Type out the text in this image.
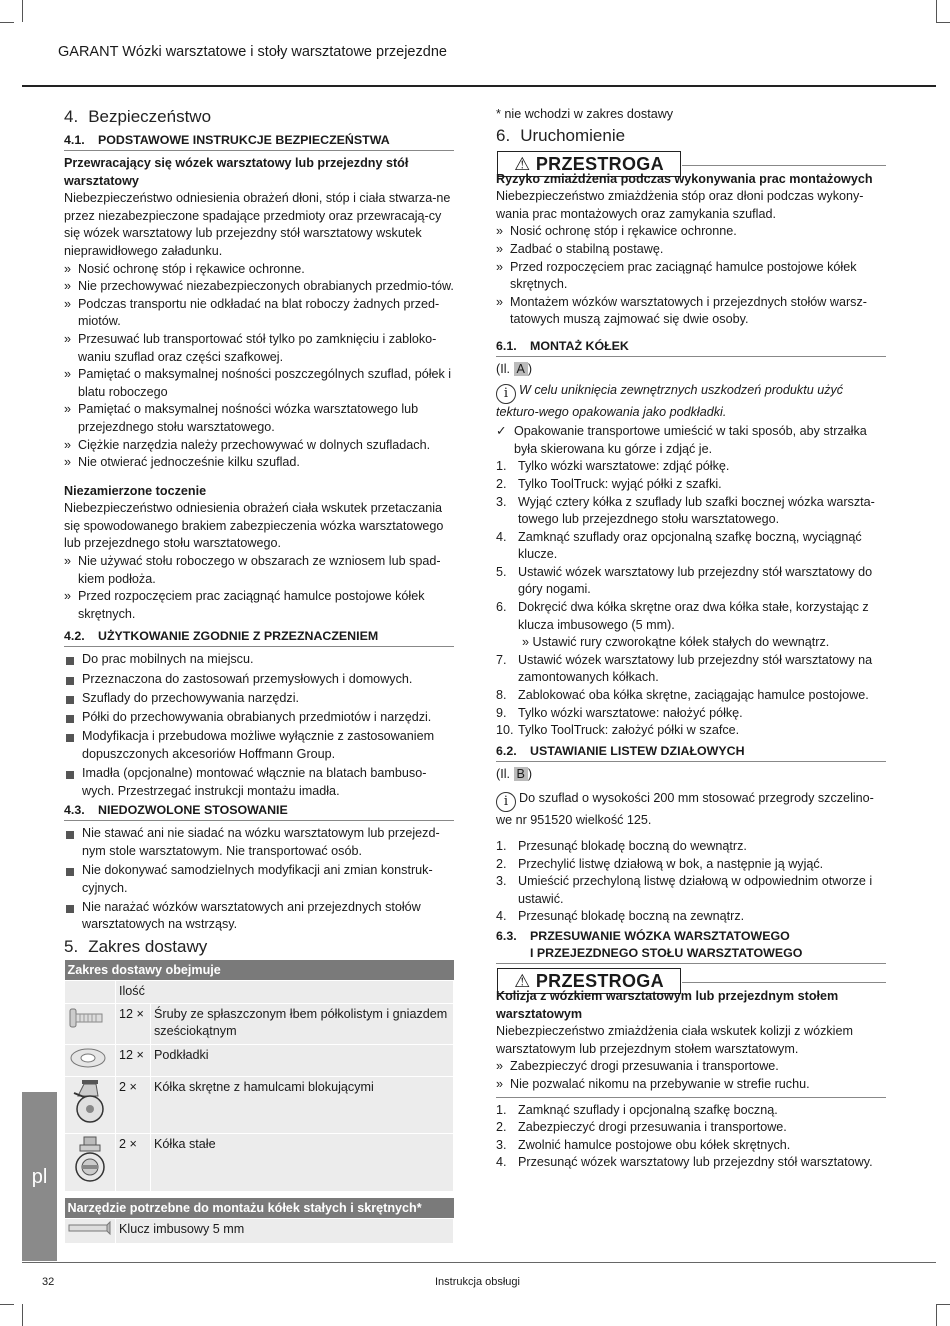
GARANT Wózki warsztatowe i stoły warsztatowe przejezdne
4. Bezpieczeństwo
4.1. PODSTAWOWE INSTRUKCJE BEZPIECZEŃSTWA

Przewracający się wózek warsztatowy lub przejezdny stół warsztatowy

Niebezpieczeństwo odniesienia obrażeń dłoni, stóp i ciała stwarza-ne przez niezabezpieczone spadające przedmioty oraz przewracają-cy się wózek warsztatowy lub przejezdny stół warsztatowy wskutek nieprawidłowego załadunku.

» Nosić ochronę stóp i rękawice ochronne.
» Nie przechowywać niezabezpieczonych obrabianych przedmio-tów.
» Podczas transportu nie odkładać na blat roboczy żadnych przed-miotów.
» Przesuwać lub transportować stół tylko po zamknięciu i zabloko-waniu szuflad oraz części szafkowej.
» Pamiętać o maksymalnej nośności poszczególnych szuflad, półek i blatu roboczego
» Pamiętać o maksymalnej nośności wózka warsztatowego lub przejezdnego stołu warsztatowego.
» Ciężkie narzędzia należy przechowywać w dolnych szufladach.
» Nie otwierać jednocześnie kilku szuflad.

Niezamierzone toczenie

Niebezpieczeństwo odniesienia obrażeń ciała wskutek przetaczania się spowodowanego brakiem zabezpieczenia wózka warsztatowego lub przejezdnego stołu warsztatowego.

» Nie używać stołu roboczego w obszarach ze wzniosem lub spad-kiem podłoża.
» Przed rozpoczęciem prac zaciągnąć hamulce postojowe kółek skrętnych.
4.2. UŻYTKOWANIE ZGODNIE Z PRZEZNACZENIEM
Do prac mobilnych na miejscu.
Przeznaczona do zastosowań przemysłowych i domowych.
Szuflady do przechowywania narzędzi.
Półki do przechowywania obrabianych przedmiotów i narzędzi.
Modyfikacja i przebudowa możliwe wyłącznie z zastosowaniem dopuszczonych akcesoriów Hoffmann Group.
Imadła (opcjonalne) montować włącznie na blatach bambuso-wych. Przestrzegać instrukcji montażu imadła.
4.3. NIEDOZWOLONE STOSOWANIE
Nie stawać ani nie siadać na wózku warsztatowym lub przejezd-nym stole warsztatowym. Nie transportować osób.
Nie dokonywać samodzielnych modyfikacji ani zmian konstruk-cyjnych.
Nie narażać wózków warsztatowych ani przejezdnych stołów warsztatowych na wstrząsy.
5. Zakres dostawy
Zakres dostawy obejmuje		
	Ilość	
	12 ×	Śruby ze spłaszczonym łbem półkolistym i gniazdem sześciokątnym
	12 ×	Podkładki
	2 ×	Kółka skrętne z hamulcami blokującymi
	2 ×	Kółka stałe
Narzędzie potrzebne do montażu kółek stałych i skrętnych*
	Klucz imbusowy 5 mm

* nie wchodzi w zakres dostawy

6. Uruchomienie
⚠ PRZESTROGA

Ryzyko zmiażdżenia podczas wykonywania prac montażowych

Niebezpieczeństwo zmiażdżenia stóp oraz dłoni podczas wykony-wania prac montażowych oraz zamykania szuflad.

» Nosić ochronę stóp i rękawice ochronne.
» Zadbać o stabilną postawę.
» Przed rozpoczęciem prac zaciągnąć hamulce postojowe kółek skrętnych.
» Montażem wózków warsztatowych i przejezdnych stołów warsz-tatowych muszą zajmować się dwie osoby.
6.1. MONTAŻ KÓŁEK

(Il. A )

i W celu uniknięcia zewnętrznych uszkodzeń produktu użyć tekturo-wego opakowania jako podkładki.

✓ Opakowanie transportowe umieścić w taki sposób, aby strzałka była skierowana ku górze i zdjąć je.
1. Tylko wózki warsztatowe: zdjąć półkę.
2. Tylko ToolTruck: wyjąć półki z szafki.
3. Wyjąć cztery kółka z szuflady lub szafki bocznej wózka warszta-towego lub przejezdnego stołu warsztatowego.
4. Zamknąć szuflady oraz opcjonalną szafkę boczną, wyciągnąć klucze.
5. Ustawić wózek warsztatowy lub przejezdny stół warsztatowy do góry nogami.
6. Dokręcić dwa kółka skrętne oraz dwa kółka stałe, korzystając z klucza imbusowego (5 mm).
» Ustawić rury czworokątne kółek stałych do wewnątrz.
7. Ustawić wózek warsztatowy lub przejezdny stół warsztatowy na zamontowanych kółkach.
8. Zablokować oba kółka skrętne, zaciągając hamulce postojowe.
9. Tylko wózki warsztatowe: nałożyć półkę.
10. Tylko ToolTruck: założyć półki w szafce.
6.2. USTAWIANIE LISTEW DZIAŁOWYCH

(Il. B )

i Do szuflad o wysokości 200 mm stosować przegrody szczelino-we nr 951520 wielkość 125.

1. Przesunąć blokadę boczną do wewnątrz.
2. Przechylić listwę działową w bok, a następnie ją wyjąć.
3. Umieścić przechyloną listwę działową w odpowiednim otworze i ustawić.
4. Przesunąć blokadę boczną na zewnątrz.
6.3. PRZESUWANIE WÓZKA WARSZTATOWEGO
I PRZEJEZDNEGO STOŁU WARSZTATOWEGO
⚠ PRZESTROGA

Kolizja z wózkiem warsztatowym lub przejezdnym stołem warsztatowym

Niebezpieczeństwo zmiażdżenia ciała wskutek kolizji z wózkiem warsztatowym lub przejezdnym stołem warsztatowym.

» Zabezpieczyć drogi przesuwania i transportowe.
» Nie pozwalać nikomu na przebywanie w strefie ruchu.
1. Zamknąć szuflady i opcjonalną szafkę boczną.
2. Zabezpieczyć drogi przesuwania i transportowe.
3. Zwolnić hamulce postojowe obu kółek skrętnych.
4. Przesunąć wózek warsztatowy lub przejezdny stół warsztatowy.
pl
32	Instrukcja obsługi
